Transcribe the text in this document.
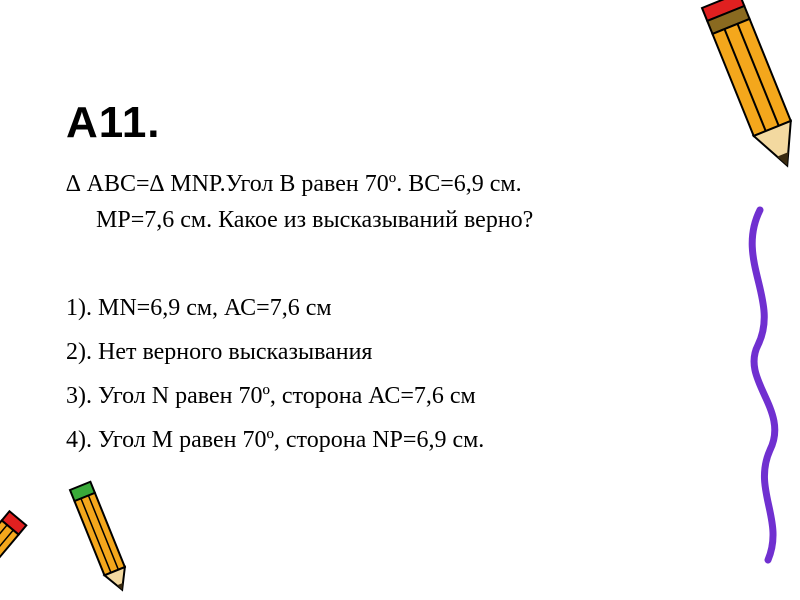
А11.

∆ АВС=∆ MNP.Угол В равен 70º. ВС=6,9 см.

MP=7,6 см. Какое из высказываний верно?

1). MN=6,9 см, АС=7,6 см

2). Нет верного высказывания

3). Угол N равен 70º, сторона АС=7,6 см

4). Угол М равен 70º, сторона NP=6,9 см.
